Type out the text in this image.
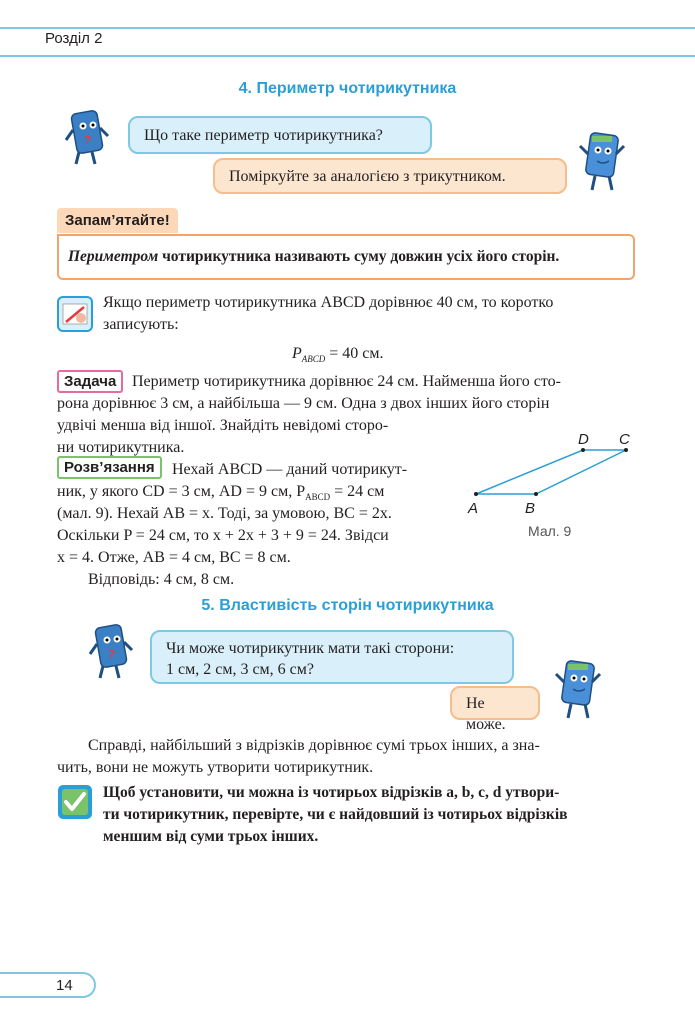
Розділ 2
4. Периметр чотирикутника
?	Що таке периметр чотирикутника?
Поміркуйте за аналогією з трикутником.
Запам’ятайте!
Периметром чотирикутника називають суму довжин усіх його сторін.
Якщо периметр чотирикутника ABCD дорівнює 40 см, то коротко
записують:
$P_{ABCD} = 40$ см.
Задача Периметр чотирикутника дорівнює 24 см. Найменша його сто-
рона дорівнює 3 см, а найбільша — 9 см. Одна з двох інших його сторін
удвічі менша від іншої. Знайдіть невідомі сторо-
ни чотирикутника.
Розв’язання	Нехай ABCD — даний чотирикут-
ник, у якого CD = 3 см, AD = 9 см, $P_{ABCD} = 24$ см
(мал. 9). Нехай AB = x. Тоді, за умовою, BC = 2x.
Оскільки P = 24 см, то x + 2x + 3 + 9 = 24. Звідси
x = 4. Отже, AB = 4 см, BC = 8 см.
Відповідь: 4 см, 8 см.
A	B
C
D
Мал. 9
5. Властивість сторін чотирикутника
?	Чи може чотирикутник мати такі сторони:
1 см, 2 см, 3 см, 6 см?
Не може.
Справді, найбільший з відрізків дорівнює сумі трьох інших, а зна-
чить, вони не можуть утворити чотирикутник.
Щоб установити, чи можна із чотирьох відрізків a, b, c, d утвори-
ти чотирикутник, перевірте, чи є найдовший із чотирьох відрізків
меншим від суми трьох інших.
14
